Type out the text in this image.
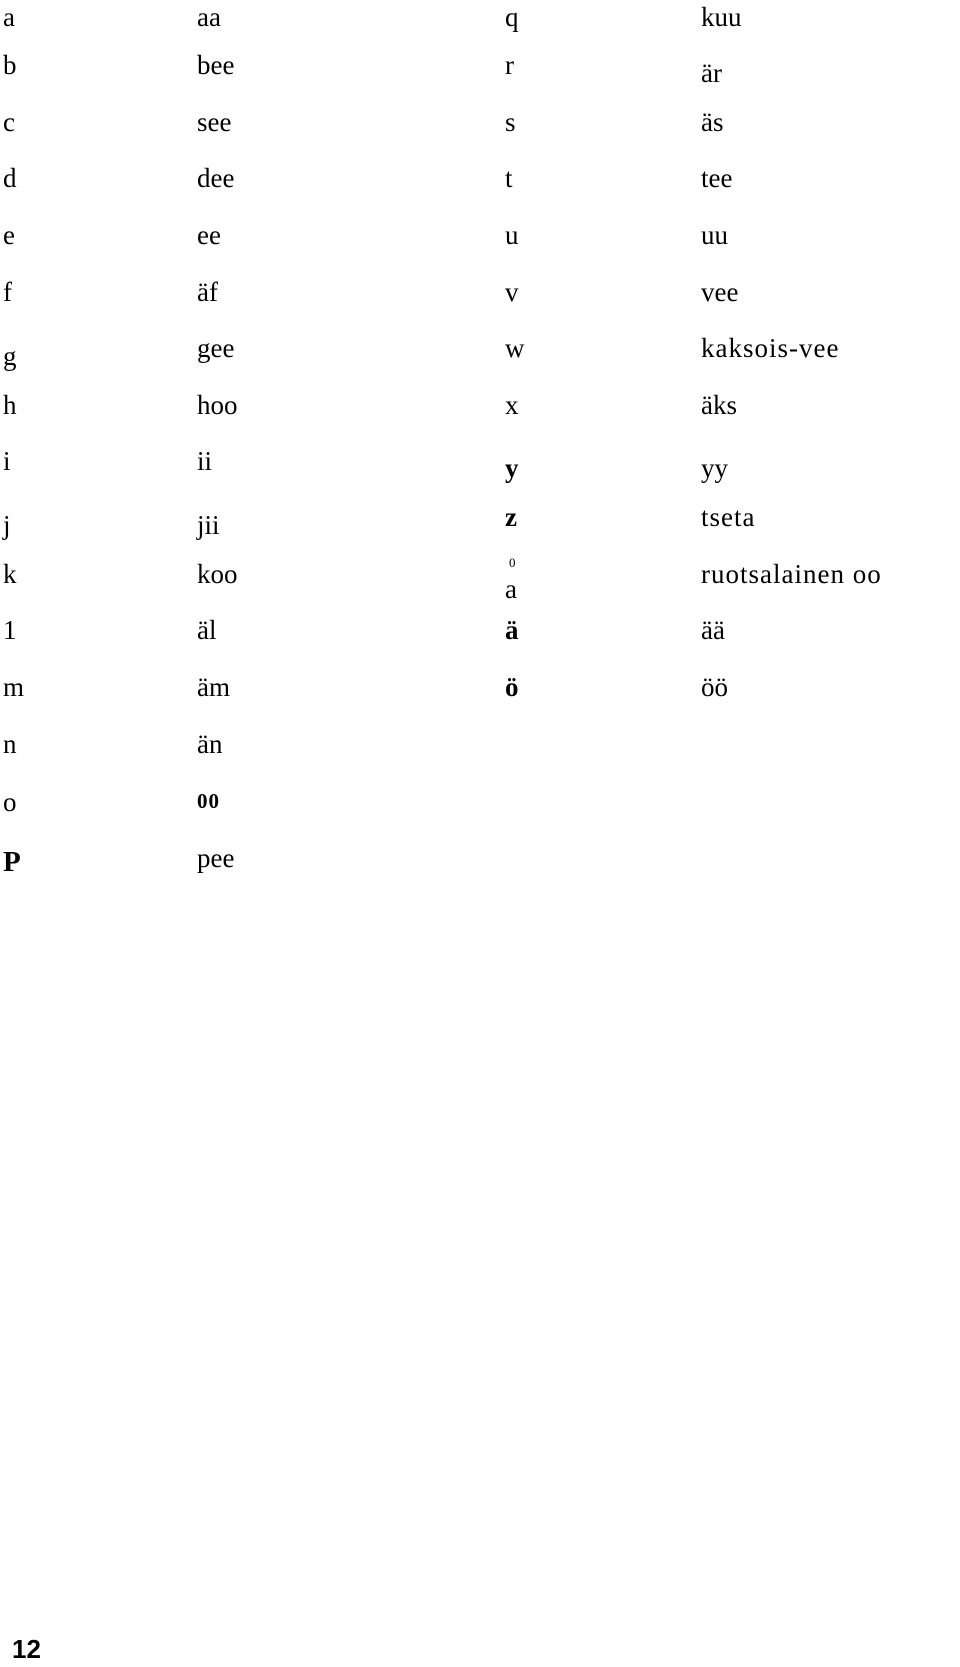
a
b
c
d
e
f
g
h
i
j
k
1
m
n
o
P
aa
bee
see
dee
ee
äf
gee
hoo
ii
jii
koo
äl
äm
än
00
pee
q
r
s
t
u
v
w
x
y
z
0
a
ä
ö
kuu
är
äs
tee
uu
vee
kaksois-vee
äks
yy
tseta
ruotsalainen oo
ää
öö
12
